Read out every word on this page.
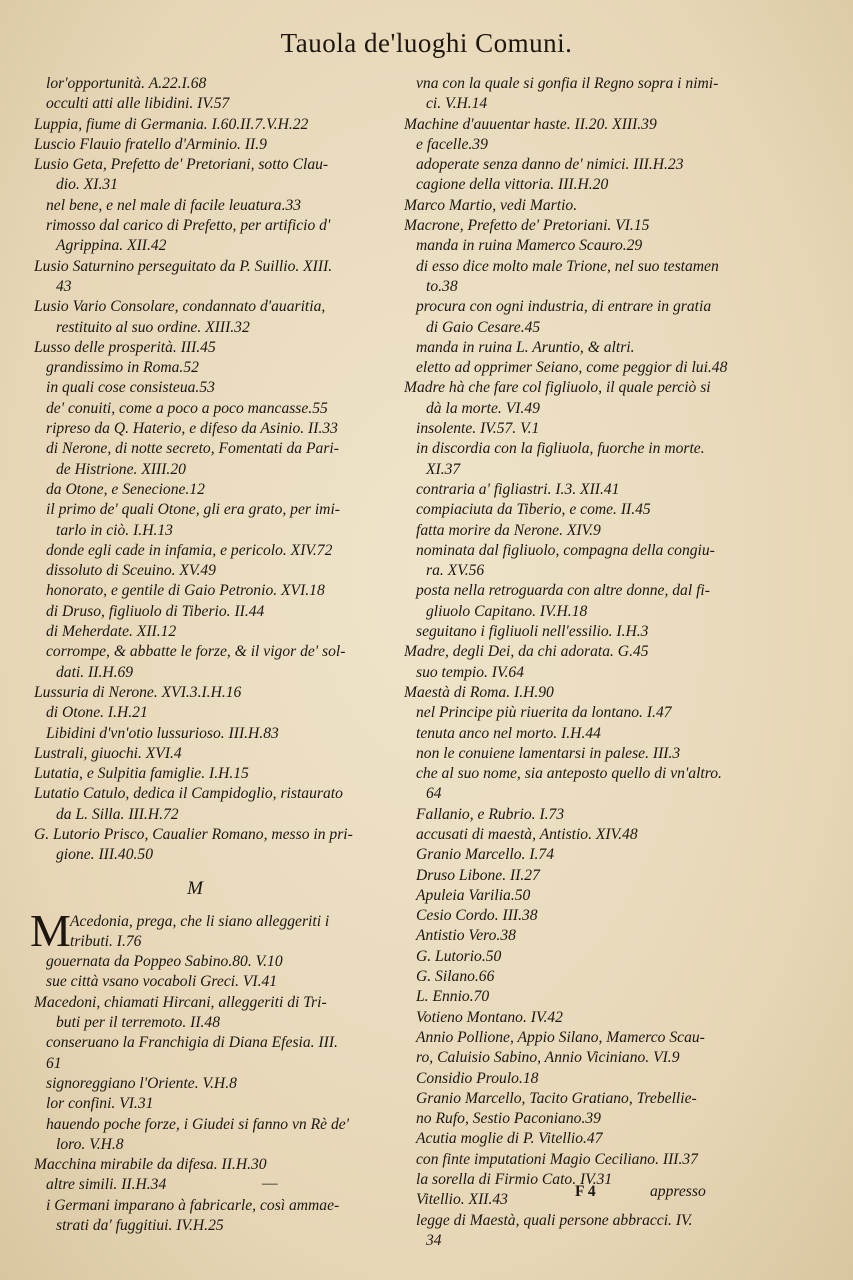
Tauola de'luoghi Comuni.
lor'opportunità. A.22.I.68
occulti atti alle libidini. IV.57
Luppia, fiume di Germania. I.60.II.7.V.H.22
Luscio Flauio fratello d'Arminio. II.9
Lusio Geta, Prefetto de' Pretoriani, sotto Clau-
dio. XI.31
nel bene, e nel male di facile leuatura.33
rimosso dal carico di Prefetto, per artificio d'
Agrippina. XII.42
Lusio Saturnino perseguitato da P. Suillio. XIII.
43
Lusio Vario Consolare, condannato d'auaritia,
restituito al suo ordine. XIII.32
Lusso delle prosperità. III.45
grandissimo in Roma.52
in quali cose consisteua.53
de' conuiti, come a poco a poco mancasse.55
ripreso da Q. Haterio, e difeso da Asinio. II.33
di Nerone, di notte secreto, Fomentati da Pari-
de Histrione. XIII.20
da Otone, e Senecione.12
il primo de' quali Otone, gli era grato, per imi-
tarlo in ciò. I.H.13
donde egli cade in infamia, e pericolo. XIV.72
dissoluto di Sceuino. XV.49
honorato, e gentile di Gaio Petronio. XVI.18
di Druso, figliuolo di Tiberio. II.44
di Meherdate. XII.12
corrompe, & abbatte le forze, & il vigor de' sol-
dati. II.H.69
Lussuria di Nerone. XVI.3.I.H.16
di Otone. I.H.21
Libidini d'vn'otio lussurioso. III.H.83
Lustrali, giuochi. XVI.4
Lutatia, e Sulpitia famiglie. I.H.15
Lutatio Catulo, dedica il Campidoglio, ristaurato
da L. Silla. III.H.72
G. Lutorio Prisco, Caualier Romano, messo in pri-
gione. III.40.50
M
M Acedonia, prega, che li siano alleggeriti i
tributi. I.76
gouernata da Poppeo Sabino.80. V.10
sue città vsano vocaboli Greci. VI.41
Macedoni, chiamati Hircani, alleggeriti di Tri-
buti per il terremoto. II.48
conseruano la Franchigia di Diana Efesia. III.
61
signoreggiano l'Oriente. V.H.8
lor confini. VI.31
hauendo poche forze, i Giudei si fanno vn Rè de'
loro. V.H.8
Macchina mirabile da difesa. II.H.30
altre simili. II.H.34
i Germani imparano à fabricarle, così ammae-
strati da' fuggitiui. IV.H.25
vna con la quale si gonfia il Regno sopra i nimi-
ci. V.H.14
Machine d'auuentar haste. II.20. XIII.39
e facelle.39
adoperate senza danno de' nimici. III.H.23
cagione della vittoria. III.H.20
Marco Martio, vedi Martio.
Macrone, Prefetto de' Pretoriani. VI.15
manda in ruina Mamerco Scauro.29
di esso dice molto male Trione, nel suo testamen
to.38
procura con ogni industria, di entrare in gratia
di Gaio Cesare.45
manda in ruina L. Aruntio, & altri.
eletto ad opprimer Seiano, come peggior di lui.48
Madre hà che fare col figliuolo, il quale perciò si
dà la morte. VI.49
insolente. IV.57. V.1
in discordia con la figliuola, fuorche in morte.
XI.37
contraria a' figliastri. I.3. XII.41
compiaciuta da Tiberio, e come. II.45
fatta morire da Nerone. XIV.9
nominata dal figliuolo, compagna della congiu-
ra. XV.56
posta nella retroguarda con altre donne, dal fi-
gliuolo Capitano. IV.H.18
seguitano i figliuoli nell'essilio. I.H.3
Madre, degli Dei, da chi adorata. G.45
suo tempio. IV.64
Maestà di Roma. I.H.90
nel Principe più riuerita da lontano. I.47
tenuta anco nel morto. I.H.44
non le conuiene lamentarsi in palese. III.3
che al suo nome, sia anteposto quello di vn'altro.
64
Fallanio, e Rubrio. I.73
accusati di maestà, Antistio. XIV.48
Granio Marcello. I.74
Druso Libone. II.27
Apuleia Varilia.50
Cesio Cordo. III.38
Antistio Vero.38
G. Lutorio.50
G. Silano.66
L. Ennio.70
Votieno Montano. IV.42
Annio Pollione, Appio Silano, Mamerco Scau-
ro, Caluisio Sabino, Annio Viciniano. VI.9
Considio Proulo.18
Granio Marcello, Tacito Gratiano, Trebellie-
no Rufo, Sestio Paconiano.39
Acutia moglie di P. Vitellio.47
con finte imputationi Magio Ceciliano. III.37
la sorella di Firmio Cato. IV.31
Vitellio. XII.43
legge di Maestà, quali persone abbracci. IV.
34
—	F 4	appresso
